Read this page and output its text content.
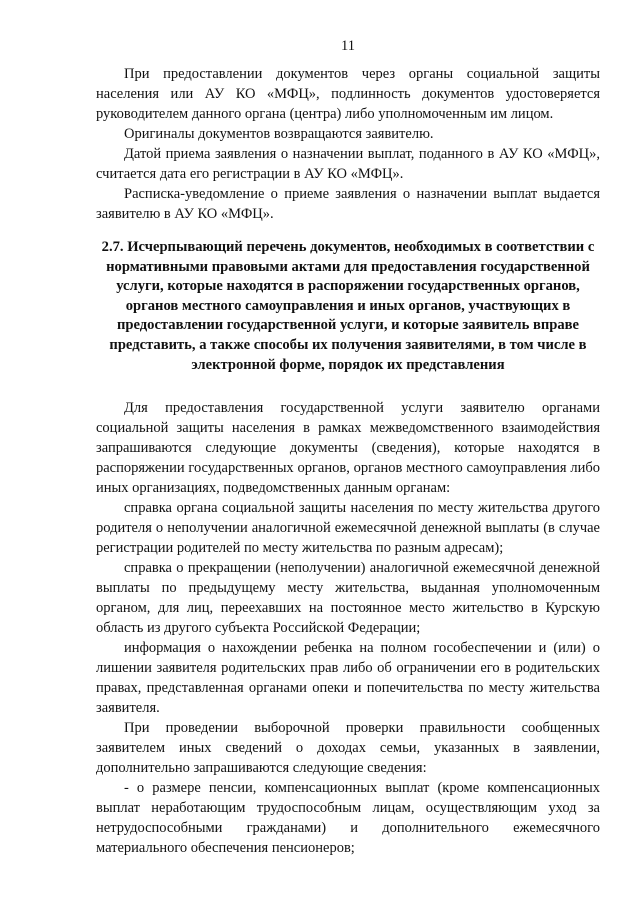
11

При предоставлении документов через органы социальной защиты населения или АУ КО «МФЦ», подлинность документов удостоверяется руководителем данного органа (центра) либо уполномоченным им лицом.

Оригиналы документов возвращаются заявителю.

Датой приема заявления о назначении выплат, поданного в АУ КО «МФЦ», считается дата его регистрации в АУ КО «МФЦ».

Расписка-уведомление о приеме заявления о назначении выплат выдается заявителю в АУ КО «МФЦ».

2.7. Исчерпывающий перечень документов, необходимых в соответствии с нормативными правовыми актами для предоставления государственной услуги, которые находятся в распоряжении государственных органов, органов местного самоуправления и иных органов, участвующих в предоставлении государственной услуги, и которые заявитель вправе представить, а также способы их получения заявителями, в том числе в электронной форме, порядок их представления

Для предоставления государственной услуги заявителю органами социальной защиты населения в рамках межведомственного взаимодействия запрашиваются следующие документы (сведения), которые находятся в распоряжении государственных органов, органов местного самоуправления либо иных организациях, подведомственных данным органам:

справка органа социальной защиты населения по месту жительства другого родителя о неполучении аналогичной ежемесячной денежной выплаты (в случае регистрации родителей по месту жительства по разным адресам);

справка о прекращении (неполучении) аналогичной ежемесячной денежной выплаты по предыдущему месту жительства, выданная уполномоченным органом, для лиц, переехавших на постоянное место жительство в Курскую область из другого субъекта Российской Федерации;

информация о нахождении ребенка на полном гособеспечении и (или) о лишении заявителя родительских прав либо об ограничении его в родительских правах, представленная органами опеки и попечительства по месту жительства заявителя.

При проведении выборочной проверки правильности сообщенных заявителем иных сведений о доходах семьи, указанных в заявлении, дополнительно запрашиваются следующие сведения:

- о размере пенсии, компенсационных выплат (кроме компенсационных выплат неработающим трудоспособным лицам, осуществляющим уход за нетрудоспособными гражданами) и дополнительного ежемесячного материального обеспечения пенсионеров;
